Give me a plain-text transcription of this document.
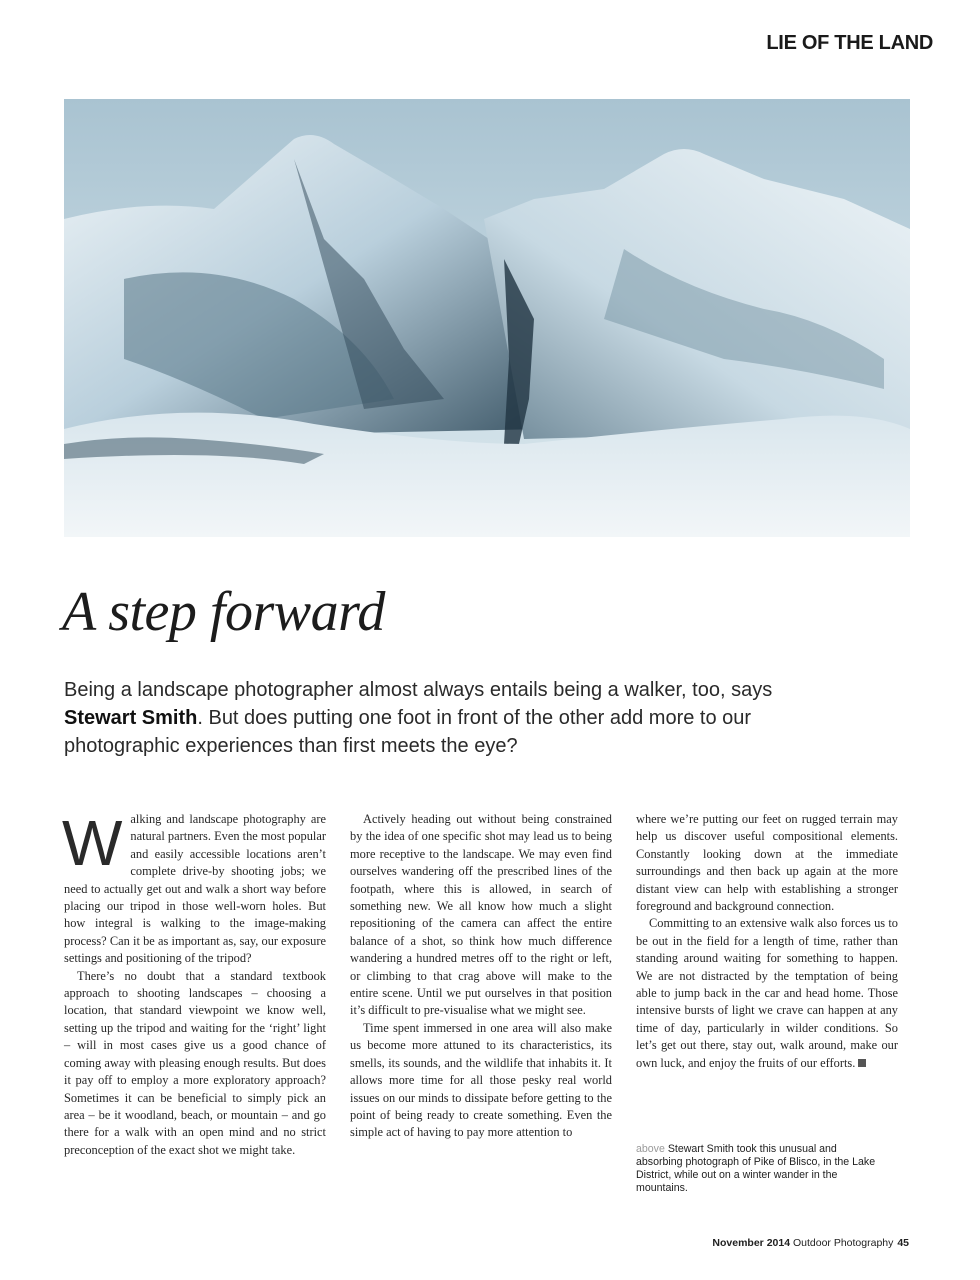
LIE OF THE LAND
A step forward

Being a landscape photographer almost always entails being a walker, too, says Stewart Smith. But does putting one foot in front of the other add more to our photographic experiences than first meets the eye?

W alking and landscape photography are natural partners. Even the most popular and easily accessible locations aren’t complete drive-by shooting jobs; we need to actually get out and walk a short way before placing our tripod in those well-worn holes. But how integral is walking to the image-making process? Can it be as important as, say, our exposure settings and positioning of the tripod?

There’s no doubt that a standard textbook approach to shooting landscapes – choosing a location, that standard viewpoint we know well, setting up the tripod and waiting for the ‘right’ light – will in most cases give us a good chance of coming away with pleasing enough results. But does it pay off to employ a more exploratory approach? Sometimes it can be beneficial to simply pick an area – be it woodland, beach, or mountain – and go there for a walk with an open mind and no strict preconception of the exact shot we might take.

Actively heading out without being constrained by the idea of one specific shot may lead us to being more receptive to the landscape. We may even find ourselves wandering off the prescribed lines of the footpath, where this is allowed, in search of something new. We all know how much a slight repositioning of the camera can affect the entire balance of a shot, so think how much difference wandering a hundred metres off to the right or left, or climbing to that crag above will make to the entire scene. Until we put ourselves in that position it’s difficult to pre-visualise what we might see.

Time spent immersed in one area will also make us become more attuned to its characteristics, its smells, its sounds, and the wildlife that inhabits it. It allows more time for all those pesky real world issues on our minds to dissipate before getting to the point of being ready to create something. Even the simple act of having to pay more attention to

where we’re putting our feet on rugged terrain may help us discover useful compositional elements. Constantly looking down at the immediate surroundings and then back up again at the more distant view can help with establishing a stronger foreground and background connection.

Committing to an extensive walk also forces us to be out in the field for a length of time, rather than standing around waiting for something to happen. We are not distracted by the temptation of being able to jump back in the car and head home. Those intensive bursts of light we crave can happen at any time of day, particularly in wilder conditions. So let’s get out there, stay out, walk around, make our own luck, and enjoy the fruits of our efforts.

above Stewart Smith took this unusual and absorbing photograph of Pike of Blisco, in the Lake District, while out on a winter wander in the mountains.
November 2014 Outdoor Photography 45
